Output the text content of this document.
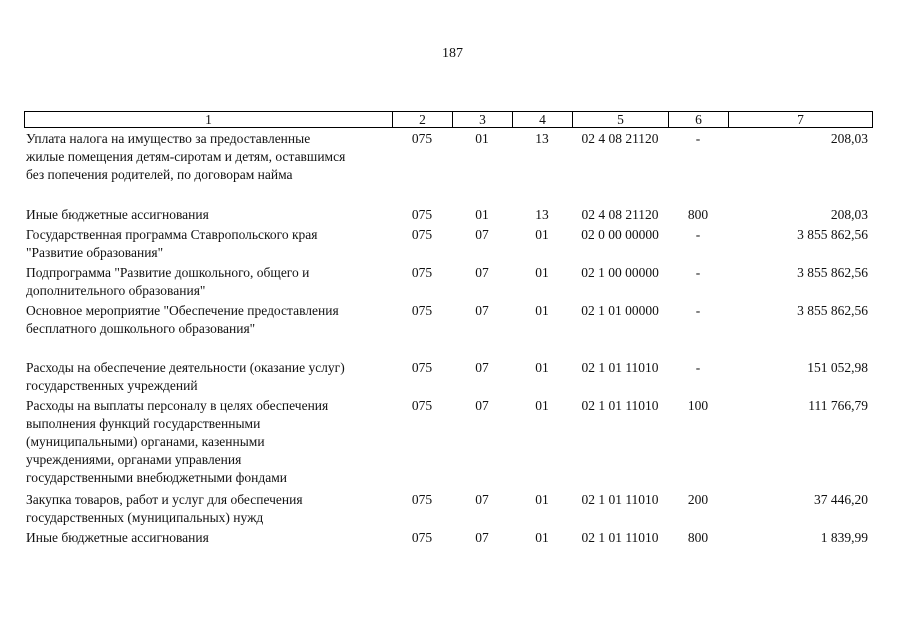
187
1	2	3	4	5	6	7
Уплата налога на имущество за предоставленные
жилые помещения детям-сиротам и детям, оставшимся
без попечения родителей, по договорам найма
075	01	13	02 4 08 21120	-	208,03
Иные бюджетные ассигнования	075	01	13	02 4 08 21120	800	208,03
Государственная программа Ставропольского края
"Развитие образования"
075	07	01	02 0 00 00000	-	3 855 862,56
Подпрограмма "Развитие дошкольного, общего и
дополнительного образования"
075	07	01	02 1 00 00000	-	3 855 862,56
Основное мероприятие "Обеспечение предоставления
бесплатного дошкольного образования"
075	07	01	02 1 01 00000	-	3 855 862,56
Расходы на обеспечение деятельности (оказание услуг)
государственных учреждений
075	07	01	02 1 01 11010	-	151 052,98
Расходы на выплаты персоналу в целях обеспечения
выполнения функций государственными
(муниципальными) органами, казенными
учреждениями, органами управления
государственными внебюджетными фондами
075	07	01	02 1 01 11010	100	111 766,79
Закупка товаров, работ и услуг для обеспечения
государственных (муниципальных) нужд
075	07	01	02 1 01 11010	200	37 446,20
Иные бюджетные ассигнования	075	07	01	02 1 01 11010	800	1 839,99
